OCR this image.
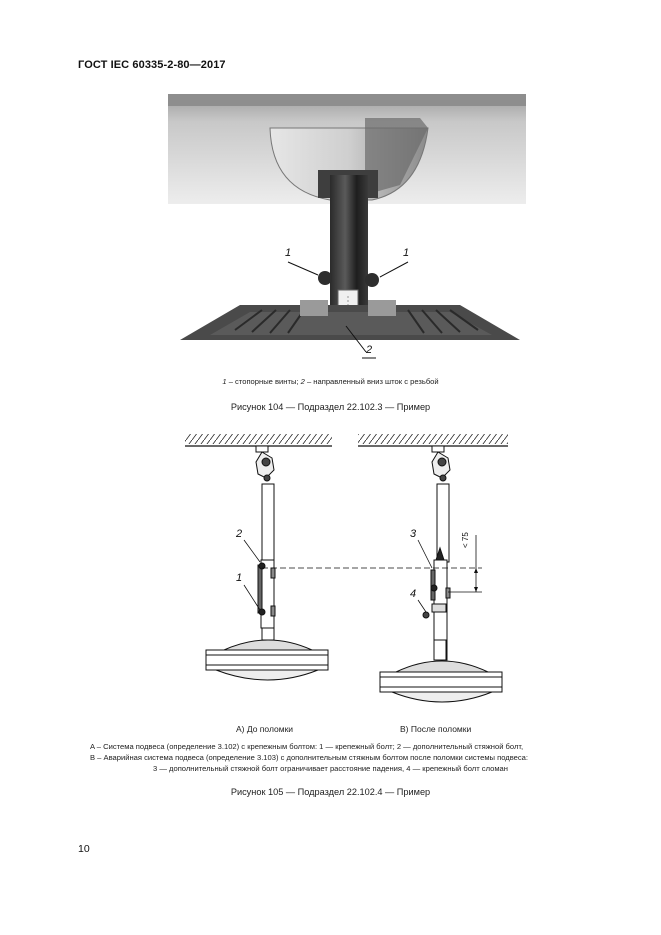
ГОСТ IEC 60335-2-80—2017
1	1
2
1 – стопорные винты; 2 – направленный вниз шток с резьбой
Рисунок 104 — Подраздел 22.102.3 — Пример
2
1
3
4
< 75
A) До поломки	B) После поломки
A – Система подвеса (определение 3.102) с крепежным болтом: 1 — крепежный болт; 2 — дополнительный стяжной болт,
B – Аварийная система подвеса (определение 3.103) с дополнительным стяжным болтом после поломки системы подвеса:
3 — дополнительный стяжной болт ограничивает расстояние падения, 4 — крепежный болт сломан
Рисунок 105 — Подраздел 22.102.4 — Пример
10
